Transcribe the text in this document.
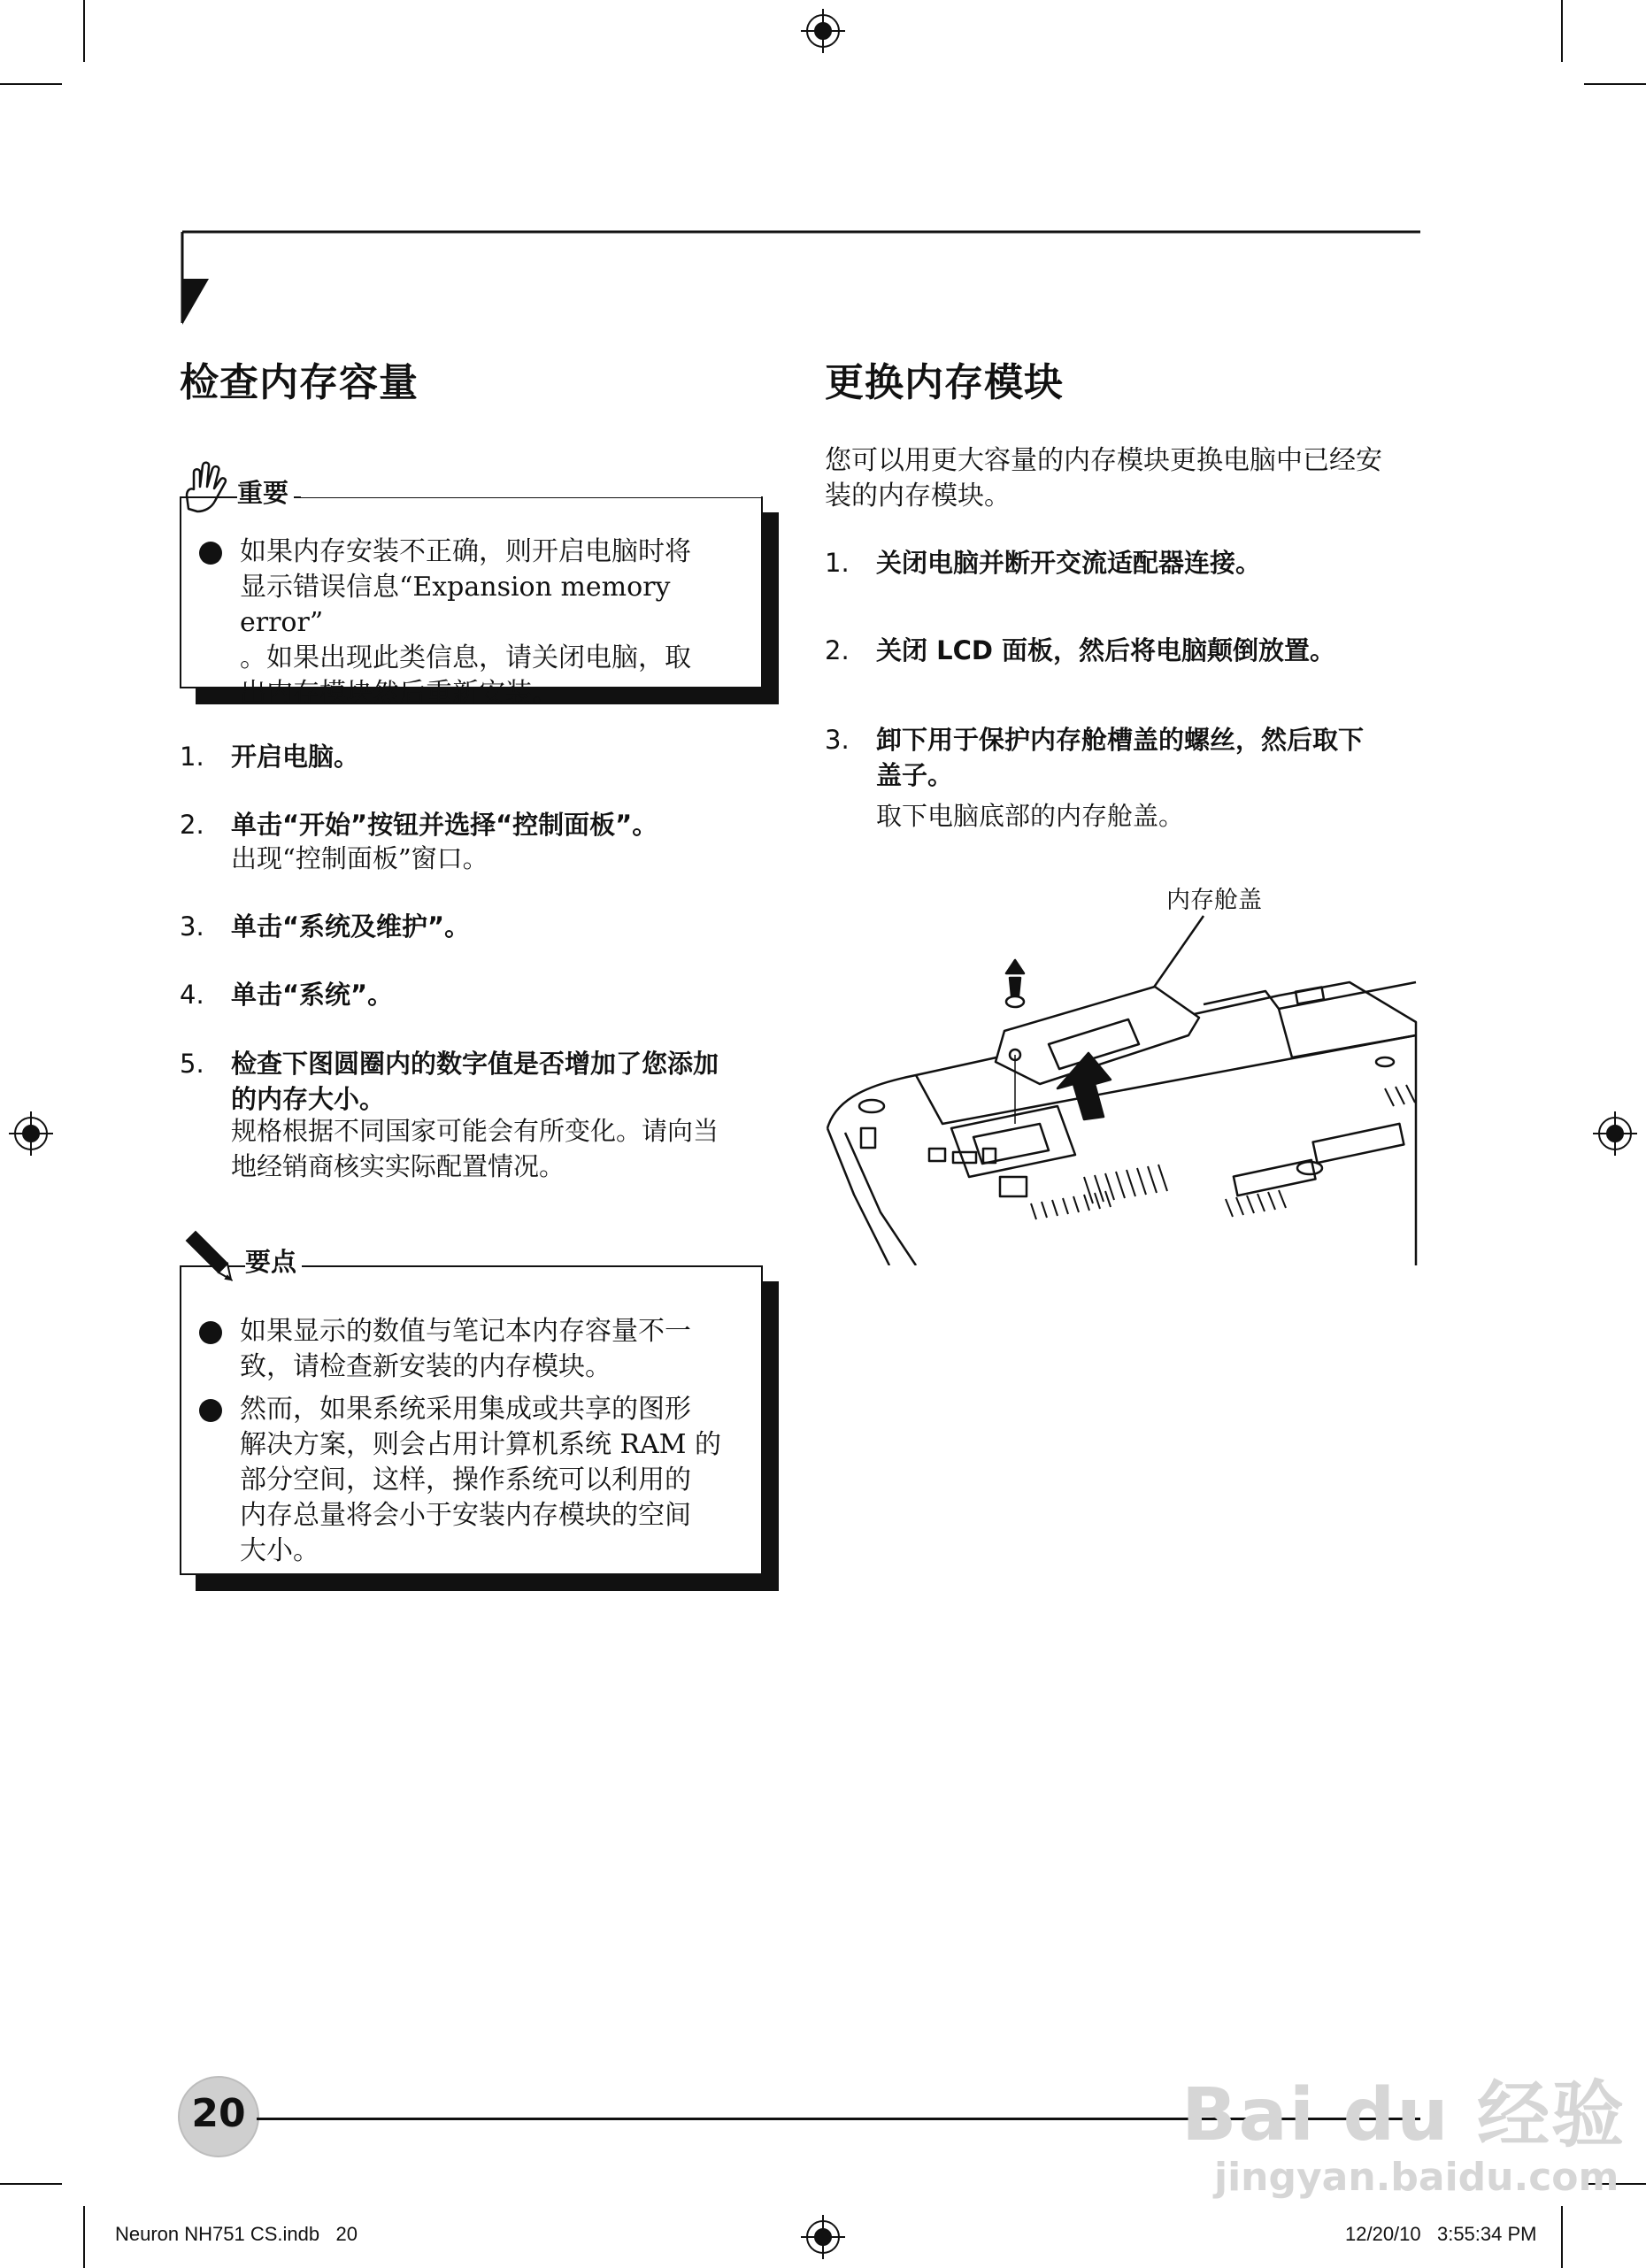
检查内存容量
重要
如果内存安装不正确，则开启电脑时将
显示错误信息“Expansion memory error”
。如果出现此类信息，请关闭电脑，取
出内存模块然后重新安装。
1. 开启电脑。
2. 单击“开始”按钮并选择“控制面板”。
出现“控制面板”窗口。
3. 单击“系统及维护”。
4. 单击“系统”。
5. 检查下图圆圈内的数字值是否增加了您添加
的内存大小。
规格根据不同国家可能会有所变化。请向当
地经销商核实实际配置情况。
要点
如果显示的数值与笔记本内存容量不一
致，请检查新安装的内存模块。
然而，如果系统采用集成或共享的图形
解决方案，则会占用计算机系统 RAM 的
部分空间，这样，操作系统可以利用的
内存总量将会小于安装内存模块的空间
大小。
更换内存模块
您可以用更大容量的内存模块更换电脑中已经安
装的内存模块。
1. 关闭电脑并断开交流适配器连接。
2. 关闭 LCD 面板，然后将电脑颠倒放置。
3. 卸下用于保护内存舱槽盖的螺丝，然后取下
盖子。
取下电脑底部的内存舱盖。
内存舱盖
20	Bai du 经验
jingyan.baidu.com
Neuron NH751 CS.indb   20	12/20/10   3:55:34 PM
